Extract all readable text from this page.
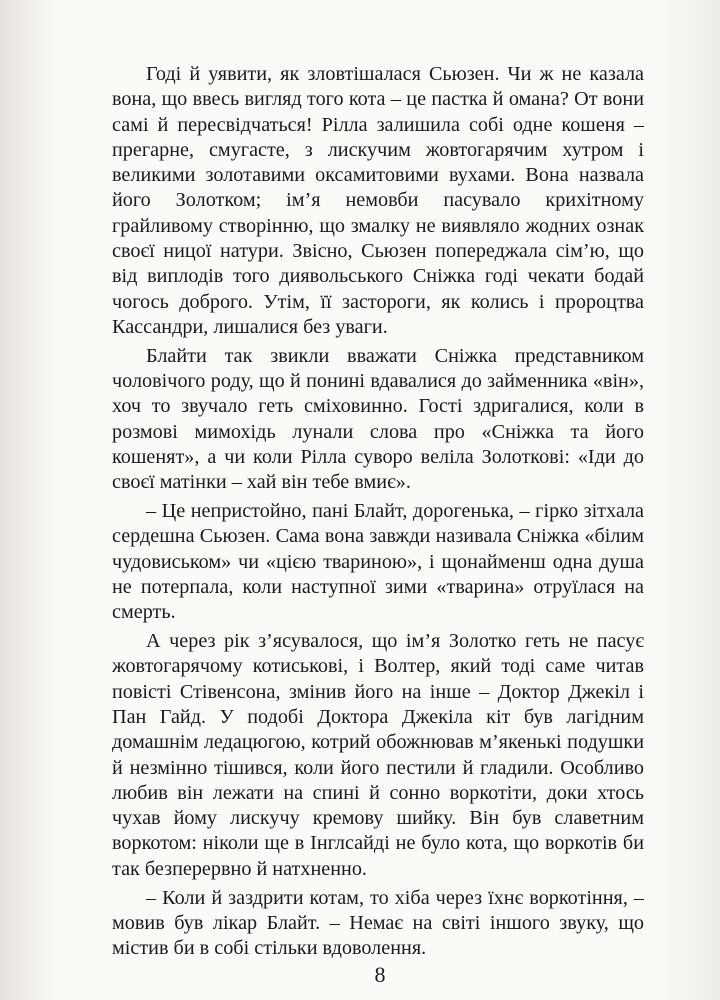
Годі й уявити, як зловтішалася Сьюзен. Чи ж не казала вона, що ввесь вигляд того кота – це пастка й омана? От вони самі й пересвідчаться! Рілла залишила собі одне кошеня – прегарне, смугасте, з лискучим жовтогарячим хутром і великими золотавими оксамитовими вухами. Вона назвала його Золотком; ім’я немовби пасувало крихітному грайливому створінню, що змалку не виявляло жодних ознак своєї ницої натури. Звісно, Сьюзен попереджала сім’ю, що від виплодів того диявольського Сніжка годі чекати бодай чогось доброго. Утім, її застороги, як колись і пророцтва Кассандри, лишалися без уваги.

Блайти так звикли вважати Сніжка представником чоловічого роду, що й понині вдавалися до займенника «він», хоч то звучало геть сміховинно. Гості здригалися, коли в розмові мимохідь лунали слова про «Сніжка та його кошенят», а чи коли Рілла суворо веліла Золоткові: «Іди до своєї матінки – хай він тебе вмиє».

– Це непристойно, пані Блайт, дорогенька, – гірко зітхала сердешна Сьюзен. Сама вона завжди називала Сніжка «білим чудовиськом» чи «цією твариною», і щонайменш одна душа не потерпала, коли наступної зими «тварина» отруїлася на смерть.

А через рік з’ясувалося, що ім’я Золотко геть не пасує жовтогарячому котиськові, і Волтер, який тоді саме читав повісті Стівенсона, змінив його на інше – Доктор Джекіл і Пан Гайд. У подобі Доктора Джекіла кіт був лагідним домашнім ледацюгою, котрий обожнював м’якенькі подушки й незмінно тішився, коли його пестили й гладили. Особливо любив він лежати на спині й сонно воркотіти, доки хтось чухав йому лискучу кремову шийку. Він був славетним воркотом: ніколи ще в Інглсайді не було кота, що воркотів би так безперервно й натхненно.

– Коли й заздрити котам, то хіба через їхнє воркотіння, – мовив був лікар Блайт. – Немає на світі іншого звуку, що містив би в собі стільки вдоволення.

8
